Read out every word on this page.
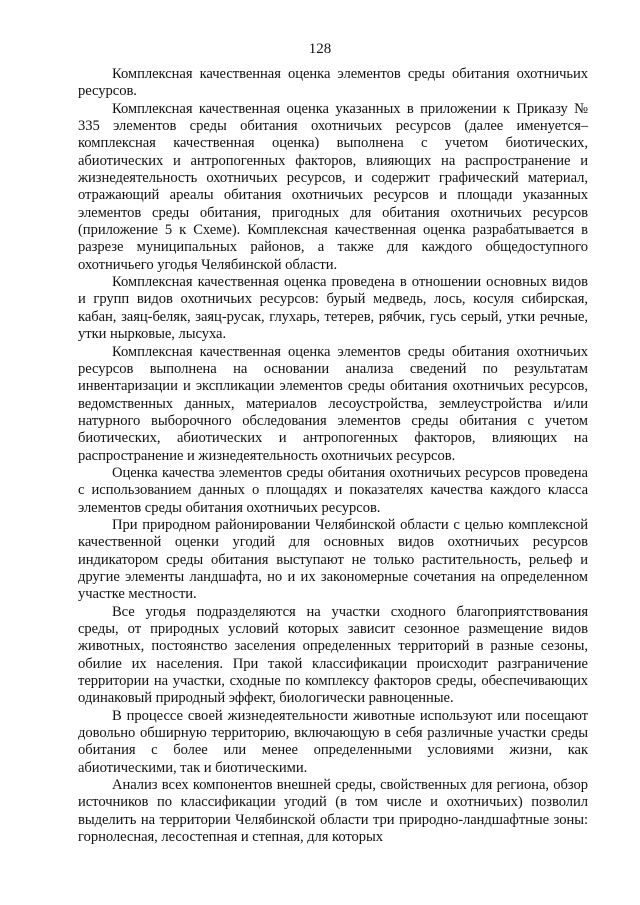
128

Комплексная качественная оценка элементов среды обитания охотничьих ресурсов.

Комплексная качественная оценка указанных в приложении к Приказу № 335 элементов среды обитания охотничьих ресурсов (далее именуется– комплексная качественная оценка) выполнена с учетом биотических, абиотических и антропогенных факторов, влияющих на распространение и жизнедеятельность охотничьих ресурсов, и содержит графический материал, отражающий ареалы обитания охотничьих ресурсов и площади указанных элементов среды обитания, пригодных для обитания охотничьих ресурсов (приложение 5 к Схеме). Комплексная качественная оценка разрабатывается в разрезе муниципальных районов, а также для каждого общедоступного охотничьего угодья Челябинской области.

Комплексная качественная оценка проведена в отношении основных видов и групп видов охотничьих ресурсов: бурый медведь, лось, косуля сибирская, кабан, заяц-беляк, заяц-русак, глухарь, тетерев, рябчик, гусь серый, утки речные, утки нырковые, лысуха.

Комплексная качественная оценка элементов среды обитания охотничьих ресурсов выполнена на основании анализа сведений по результатам инвентаризации и экспликации элементов среды обитания охотничьих ресурсов, ведомственных данных, материалов лесоустройства, землеустройства и/или натурного выборочного обследования элементов среды обитания с учетом биотических, абиотических и антропогенных факторов, влияющих на распространение и жизнедеятельность охотничьих ресурсов.

Оценка качества элементов среды обитания охотничьих ресурсов проведена с использованием данных о площадях и показателях качества каждого класса элементов среды обитания охотничьих ресурсов.

При природном районировании Челябинской области с целью комплексной качественной оценки угодий для основных видов охотничьих ресурсов индикатором среды обитания выступают не только растительность, рельеф и другие элементы ландшафта, но и их закономерные сочетания на определенном участке местности.

Все угодья подразделяются на участки сходного благоприятствования среды, от природных условий которых зависит сезонное размещение видов животных, постоянство заселения определенных территорий в разные сезоны, обилие их населения. При такой классификации происходит разграничение территории на участки, сходные по комплексу факторов среды, обеспечивающих одинаковый природный эффект, биологически равноценные.

В процессе своей жизнедеятельности животные используют или посещают довольно обширную территорию, включающую в себя различные участки среды обитания с более или менее определенными условиями жизни, как абиотическими, так и биотическими.

Анализ всех компонентов внешней среды, свойственных для региона, обзор источников по классификации угодий (в том числе и охотничьих) позволил выделить на территории Челябинской области три природно-ландшафтные зоны: горнолесная, лесостепная и степная, для которых
